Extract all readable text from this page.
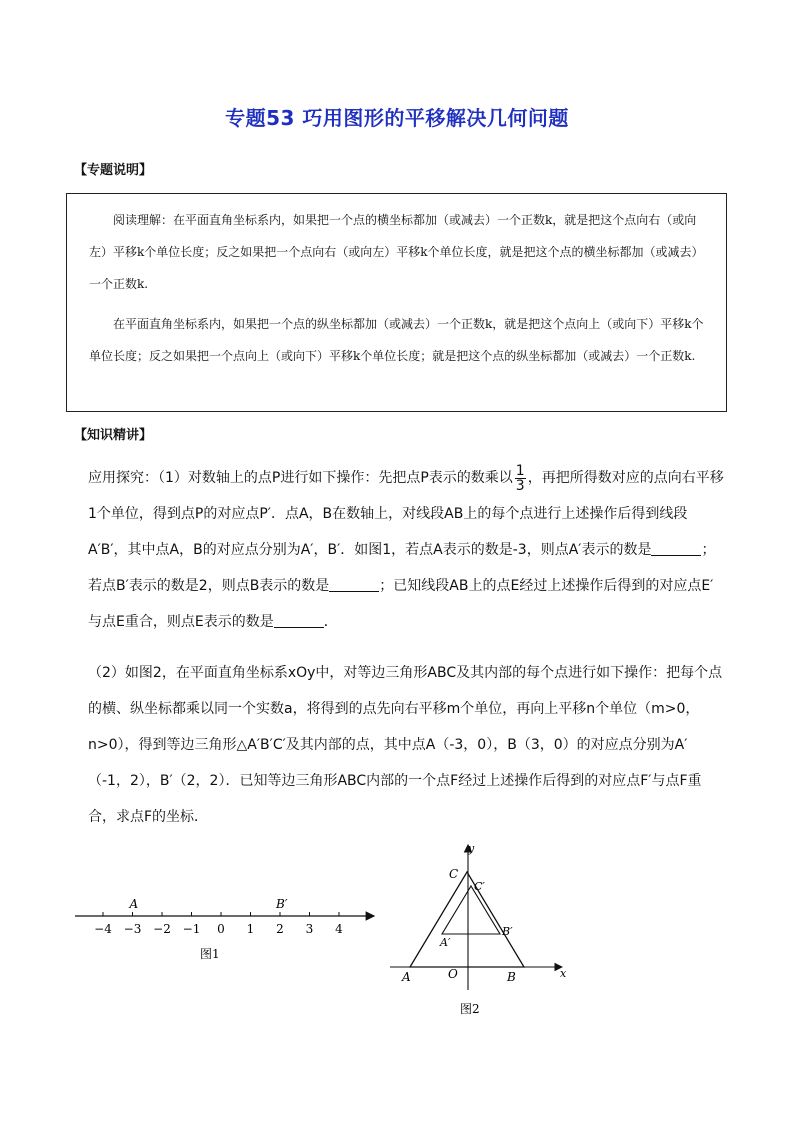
专题53 巧用图形的平移解决几何问题
【专题说明】

阅读理解：在平面直角坐标系内，如果把一个点的横坐标都加（或减去）一个正数k，就是把这个点向右（或向左）平移k个单位长度；反之如果把一个点向右（或向左）平移k个单位长度，就是把这个点的横坐标都加（或减去）一个正数k.

在平面直角坐标系内，如果把一个点的纵坐标都加（或减去）一个正数k，就是把这个点向上（或向下）平移k个单位长度；反之如果把一个点向上（或向下）平移k个单位长度；就是把这个点的纵坐标都加（或减去）一个正数k.

【知识精讲】

应用探究：（1）对数轴上的点P进行如下操作：先把点P表示的数乘以 $\frac{1}{3}$ ，再把所得数对应的点向右平移1个单位，得到点P的对应点P′．点A，B在数轴上，对线段AB上的每个点进行上述操作后得到线段A′B′，其中点A，B的对应点分别为A′，B′．如图1，若点A表示的数是-3，则点A′表示的数是	；若点B′表示的数是2，则点B表示的数是	；已知线段AB上的点E经过上述操作后得到的对应点E′与点E重合，则点E表示的数是	．

（2）如图2，在平面直角坐标系xOy中，对等边三角形ABC及其内部的每个点进行如下操作：把每个点的横、纵坐标都乘以同一个实数a，将得到的点先向右平移m个单位，再向上平移n个单位（m>0，n>0），得到等边三角形△A′B′C′及其内部的点，其中点A（-3，0），B（3，0）的对应点分别为A′（-1，2），B′（2，2）．已知等边三角形ABC内部的一个点F经过上述操作后得到的对应点F′与点F重合，求点F的坐标．

−4 −3 −2 −1 0 1 2 3 4
A	B′
图1
x
y
O
A	B
C
A′
B′
C′
图2
